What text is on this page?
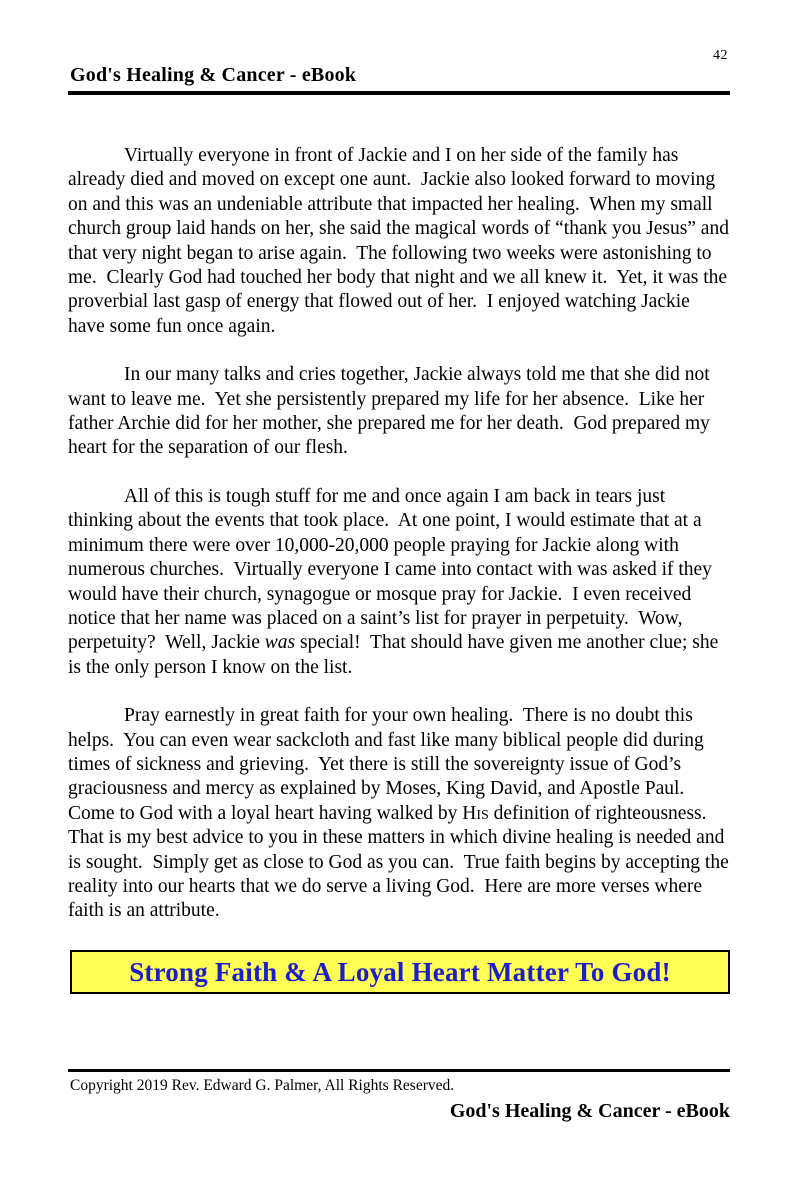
42
God's Healing & Cancer - eBook

Virtually everyone in front of Jackie and I on her side of the family has already died and moved on except one aunt.  Jackie also looked forward to moving on and this was an undeniable attribute that impacted her healing.  When my small church group laid hands on her, she said the magical words of “thank you Jesus” and that very night began to arise again.  The following two weeks were astonishing to me.  Clearly God had touched her body that night and we all knew it.  Yet, it was the proverbial last gasp of energy that flowed out of her.  I enjoyed watching Jackie have some fun once again.

In our many talks and cries together, Jackie always told me that she did not want to leave me.  Yet she persistently prepared my life for her absence.  Like her father Archie did for her mother, she prepared me for her death.  God prepared my heart for the separation of our flesh.

All of this is tough stuff for me and once again I am back in tears just thinking about the events that took place.  At one point, I would estimate that at a minimum there were over 10,000-20,000 people praying for Jackie along with numerous churches.  Virtually everyone I came into contact with was asked if they would have their church, synagogue or mosque pray for Jackie.  I even received notice that her name was placed on a saint’s list for prayer in perpetuity.  Wow, perpetuity?  Well, Jackie was special!  That should have given me another clue; she is the only person I know on the list.

Pray earnestly in great faith for your own healing.  There is no doubt this helps.  You can even wear sackcloth and fast like many biblical people did during times of sickness and grieving.  Yet there is still the sovereignty issue of God’s graciousness and mercy as explained by Moses, King David, and Apostle Paul.  Come to God with a loyal heart having walked by His definition of righteousness.  That is my best advice to you in these matters in which divine healing is needed and is sought.  Simply get as close to God as you can.  True faith begins by accepting the reality into our hearts that we do serve a living God.  Here are more verses where faith is an attribute.

Strong Faith & A Loyal Heart Matter To God!
Copyright 2019 Rev. Edward G. Palmer, All Rights Reserved.
God's Healing & Cancer - eBook
